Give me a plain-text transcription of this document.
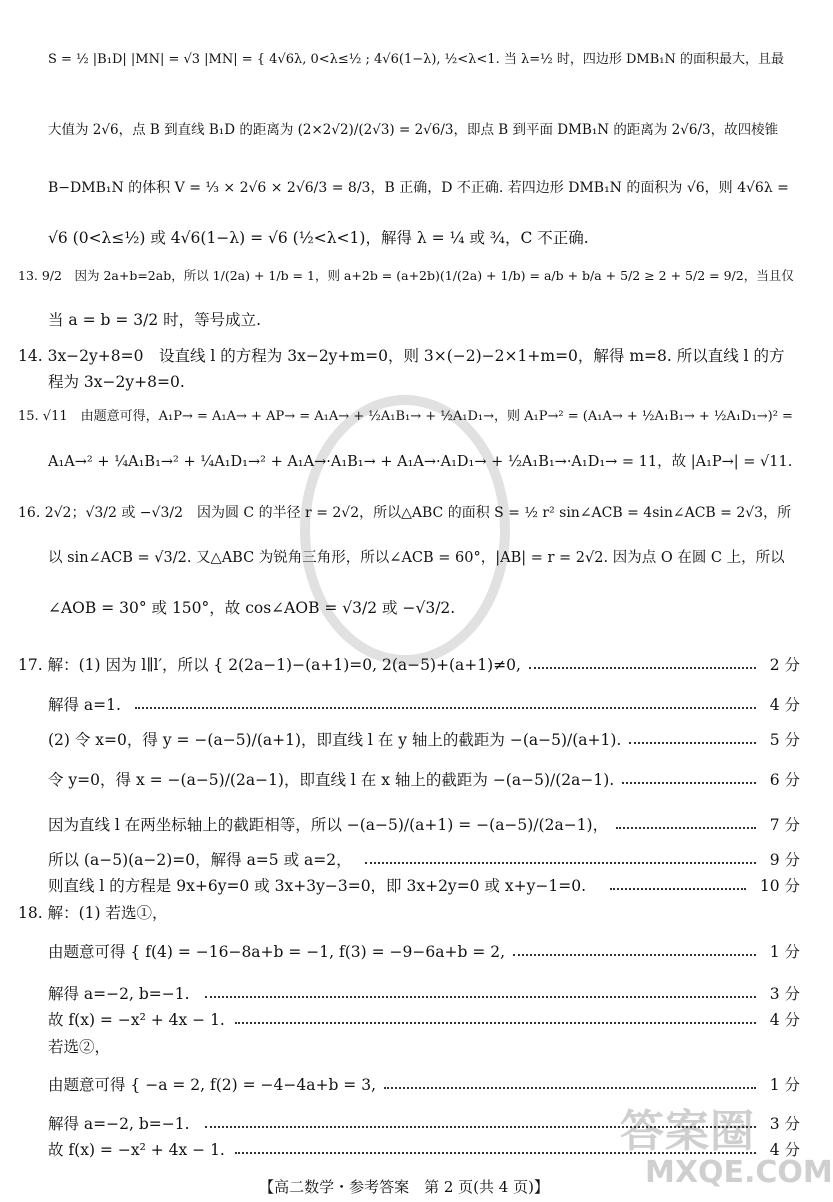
答案圈
MXQE.COM
S = ½ |B₁D| |MN| = √3 |MN| = { 4√6λ, 0<λ≤½ ; 4√6(1−λ), ½<λ<1. 当 λ=½ 时，四边形 DMB₁N 的面积最大，且最
大值为 2√6，点 B 到直线 B₁D 的距离为 (2×2√2)/(2√3) = 2√6/3，即点 B 到平面 DMB₁N 的距离为 2√6/3，故四棱锥
B−DMB₁N 的体积 V = ⅓ × 2√6 × 2√6/3 = 8/3，B 正确，D 不正确. 若四边形 DMB₁N 的面积为 √6，则 4√6λ =
√6 (0<λ≤½) 或 4√6(1−λ) = √6 (½<λ<1)，解得 λ = ¼ 或 ¾，C 不正确.
13. 9/2　因为 2a+b=2ab，所以 1/(2a) + 1/b = 1，则 a+2b = (a+2b)(1/(2a) + 1/b) = a/b + b/a + 5/2 ≥ 2 + 5/2 = 9/2，当且仅
当 a = b = 3/2 时，等号成立.
14. 3x−2y+8=0　设直线 l 的方程为 3x−2y+m=0，则 3×(−2)−2×1+m=0，解得 m=8. 所以直线 l 的方
程为 3x−2y+8=0.
15. √11　由题意可得，A₁P→ = A₁A→ + AP→ = A₁A→ + ½A₁B₁→ + ½A₁D₁→，则 A₁P→² = (A₁A→ + ½A₁B₁→ + ½A₁D₁→)² =
A₁A→² + ¼A₁B₁→² + ¼A₁D₁→² + A₁A→·A₁B₁→ + A₁A→·A₁D₁→ + ½A₁B₁→·A₁D₁→ = 11，故 |A₁P→| = √11.
16. 2√2；√3/2 或 −√3/2　因为圆 C 的半径 r = 2√2，所以△ABC 的面积 S = ½ r² sin∠ACB = 4sin∠ACB = 2√3，所
以 sin∠ACB = √3/2. 又△ABC 为锐角三角形，所以∠ACB = 60°，|AB| = r = 2√2. 因为点 O 在圆 C 上，所以
∠AOB = 30° 或 150°，故 cos∠AOB = √3/2 或 −√3/2.
17. 解：(1) 因为 l∥l′，所以 { 2(2a−1)−(a+1)=0, 2(a−5)+(a+1)≠0,	2 分
解得 a=1.	4 分
(2) 令 x=0，得 y = −(a−5)/(a+1)，即直线 l 在 y 轴上的截距为 −(a−5)/(a+1).	5 分
令 y=0，得 x = −(a−5)/(2a−1)，即直线 l 在 x 轴上的截距为 −(a−5)/(2a−1).	6 分
因为直线 l 在两坐标轴上的截距相等，所以 −(a−5)/(a+1) = −(a−5)/(2a−1)，	7 分
所以 (a−5)(a−2)=0，解得 a=5 或 a=2，	9 分
则直线 l 的方程是 9x+6y=0 或 3x+3y−3=0，即 3x+2y=0 或 x+y−1=0.	10 分
18. 解：(1) 若选①，
由题意可得 { f(4) = −16−8a+b = −1, f(3) = −9−6a+b = 2,	1 分
解得 a=−2, b=−1.	3 分
故 f(x) = −x² + 4x − 1.	4 分
若选②，
由题意可得 { −a = 2, f(2) = −4−4a+b = 3,	1 分
解得 a=−2, b=−1.	3 分
故 f(x) = −x² + 4x − 1.	4 分
【高二数学・参考答案　第 2 页(共 4 页)】
